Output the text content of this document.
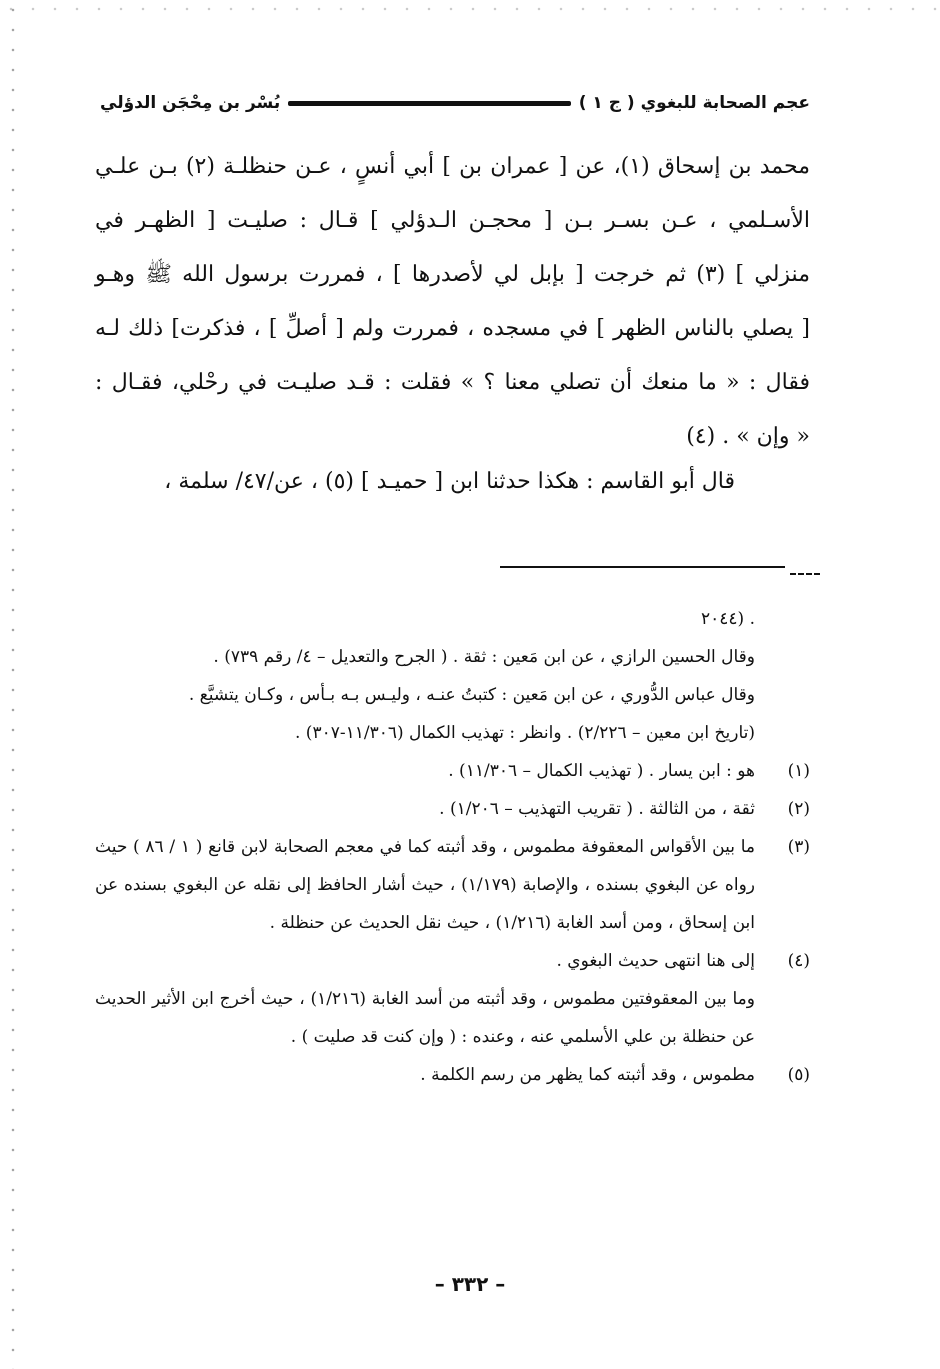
عجم الصحابة للبغوي ( ج ١ )
بُسْر بن مِحْجَن الدؤلي
محمد بن إسحاق (١)، عن [ عمران بن ] أبي أنسٍ ، عـن حنظلـة (٢) بـن علـي
الأسـلمي ، عـن بسـر بـن [ محجـن الـدؤلي ] قـال : صليـت [ الظهـر في
منزلي ] (٣) ثم خرجت [ بإبل لي لأصدرها ] ، فمررت برسول الله ﷺ وهـو
[ يصلي بالناس الظهر ] في مسجده ، فمررت ولم [ أصلِّ ] ، فذكرت] ذلك لـه
فقال : « ما منعك أن تصلي معنا ؟ » فقلت : قـد صليـت في رحْلي، فقـال :
« وإن » . (٤)
قال أبو القاسم : هكذا حدثنا ابن [ حميـد ] (٥) ، عن/٤٧/ سلمة ،
. (٢٠٤٤
وقال الحسين الرازي ، عن ابن مَعين : ثقة . ( الجرح والتعديل – ٤/ رقم ٧٣٩) .
وقال عباس الدُّوري ، عن ابن مَعين : كتبتُ عنـه ، وليـس بـه بـأس ، وكـان يتشيَّع .
(تاريخ ابن معين – ٢/٢٢٦) . وانظر : تهذيب الكمال (١١/٣٠٦-٣٠٧) .
(١)
هو : ابن يسار . ( تهذيب الكمال – ١١/٣٠٦) .
(٢)
ثقة ، من الثالثة . ( تقريب التهذيب – ١/٢٠٦) .
(٣)
ما بين الأقواس المعقوفة مطموس ، وقد أثبته كما في معجم الصحابة لابن قانع ( ١ / ٨٦ ) حيث رواه عن البغوي بسنده ، والإصابة (١/١٧٩) ، حيث أشار الحافظ إلى نقله عن البغوي بسنده عن ابن إسحاق ، ومن أسد الغابة (١/٢١٦) ، حيث نقل الحديث عن حنظلة .
(٤)
إلى هنا انتهى حديث البغوي .
وما بين المعقوفتين مطموس ، وقد أثبته من أسد الغابة (١/٢١٦) ، حيث أخرج ابن الأثير الحديث عن حنظلة بن علي الأسلمي عنه ، وعنده : ( وإن كنت قد صليت ) .
(٥)
مطموس ، وقد أثبته كما يظهر من رسم الكلمة .
– ٣٣٢ –
